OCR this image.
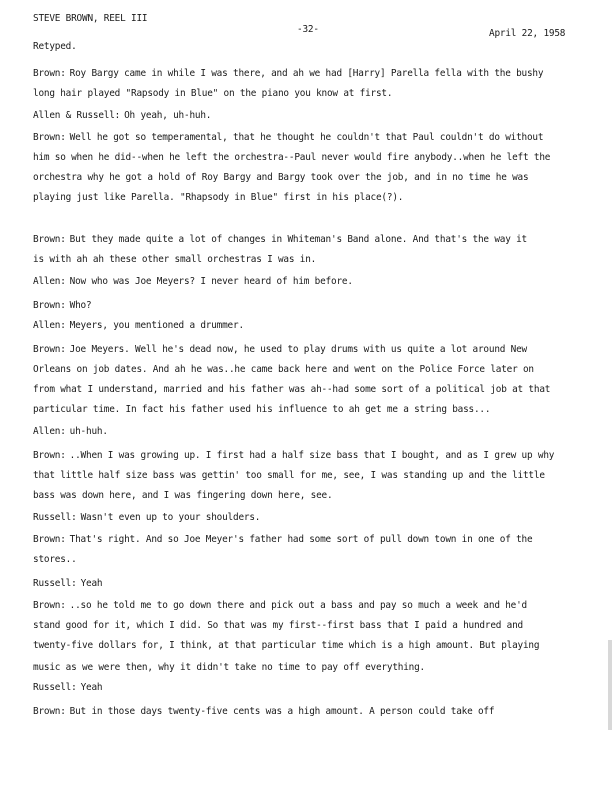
STEVE BROWN, REEL III
-32-	April 22, 1958
Retyped.
Brown: Roy Bargy came in while I was there, and ah we had [Harry] Parella fella with the bushy
long hair played "Rapsody in Blue" on the piano you know at first.
Allen & Russell: Oh yeah, uh-huh.
Brown: Well he got so temperamental, that he thought he couldn't that Paul couldn't do without
him so when he did--when he left the orchestra--Paul never would fire anybody..when he left the
orchestra why he got a hold of Roy Bargy and Bargy took over the job, and in no time he was
playing just like Parella. "Rhapsody in Blue" first in his place(?).
Brown: But they made quite a lot of changes in Whiteman's Band alone. And that's the way it
is with ah ah these other small orchestras I was in.
Allen: Now who was Joe Meyers? I never heard of him before.
Brown: Who?
Allen: Meyers, you mentioned a drummer.
Brown: Joe Meyers. Well he's dead now, he used to play drums with us quite a lot around New
Orleans on job dates. And ah he was..he came back here and went on the Police Force later on
from what I understand, married and his father was ah--had some sort of a political job at that
particular time. In fact his father used his influence to ah get me a string bass...
Allen: uh-huh.
Brown: ..When I was growing up. I first had a half size bass that I bought, and as I grew up why
that little half size bass was gettin' too small for me, see, I was standing up and the little
bass was down here, and I was fingering down here, see.
Russell: Wasn't even up to your shoulders.
Brown: That's right. And so Joe Meyer's father had some sort of pull down town in one of the
stores..
Russell: Yeah
Brown: ..so he told me to go down there and pick out a bass and pay so much a week and he'd
stand good for it, which I did. So that was my first--first bass that I paid a hundred and
twenty-five dollars for, I think, at that particular time which is a high amount. But playing
music as we were then, why it didn't take no time to pay off everything.
Russell: Yeah
Brown: But in those days twenty-five cents was a high amount. A person could take off
